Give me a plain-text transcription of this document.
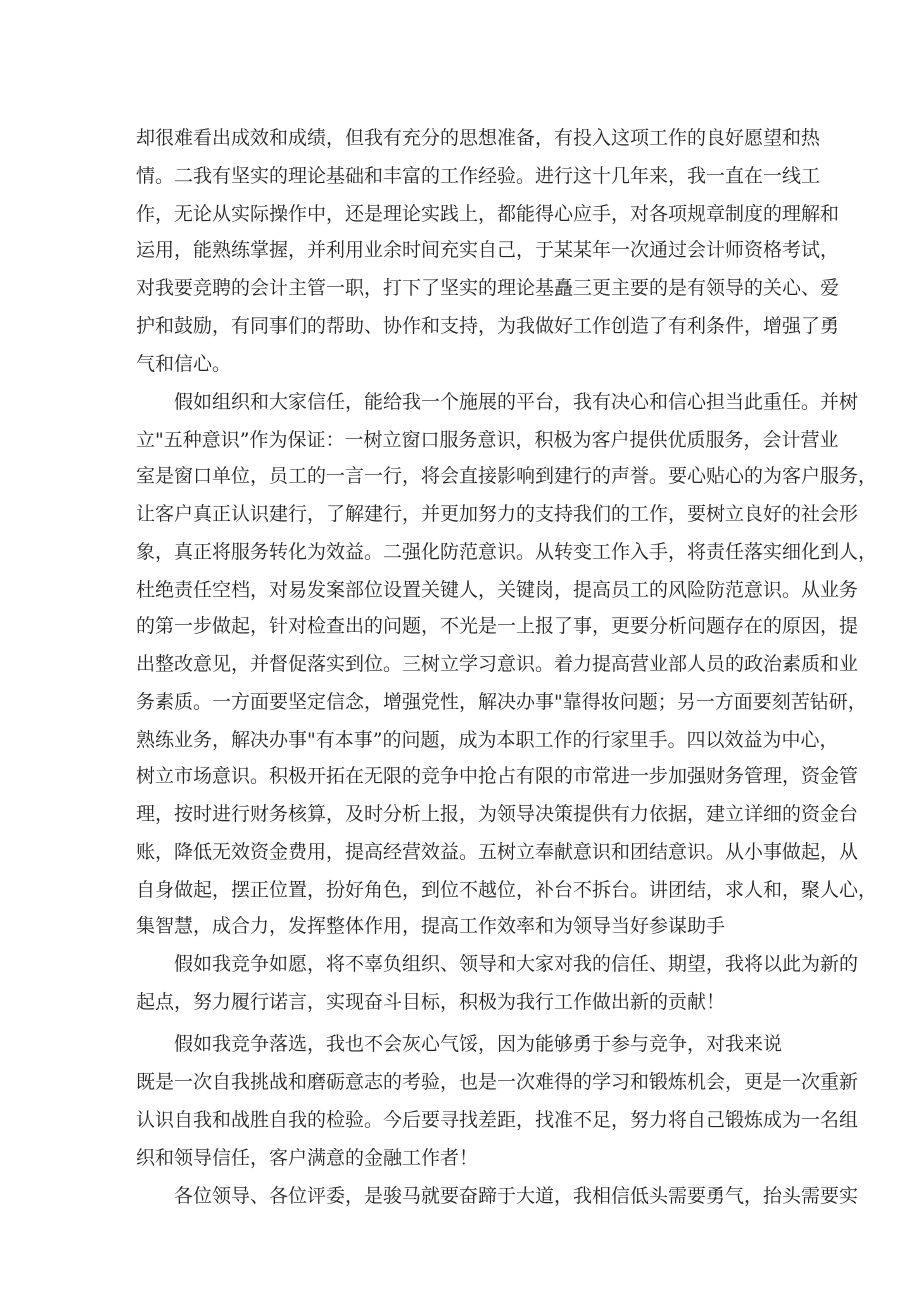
却很难看出成效和成绩，但我有充分的思想准备，有投入这项工作的良好愿望和热
情。二我有坚实的理论基础和丰富的工作经验。进行这十几年来，我一直在一线工
作，无论从实际操作中，还是理论实践上，都能得心应手，对各项规章制度的理解和
运用，能熟练掌握，并利用业余时间充实自己，于某某年一次通过会计师资格考试，
对我要竞聘的会计主管一职，打下了坚实的理论基矗三更主要的是有领导的关心、爱
护和鼓励，有同事们的帮助、协作和支持，为我做好工作创造了有利条件，增强了勇
气和信心。
假如组织和大家信任，能给我一个施展的平台，我有决心和信心担当此重任。并树
立"五种意识”作为保证：一树立窗口服务意识，积极为客户提供优质服务，会计营业
室是窗口单位，员工的一言一行，将会直接影响到建行的声誉。要心贴心的为客户服务，
让客户真正认识建行，了解建行，并更加努力的支持我们的工作，要树立良好的社会形
象，真正将服务转化为效益。二强化防范意识。从转变工作入手，将责任落实细化到人，
杜绝责任空档，对易发案部位设置关键人，关键岗，提高员工的风险防范意识。从业务
的第一步做起，针对检查出的问题，不光是一上报了事，更要分析问题存在的原因，提
出整改意见，并督促落实到位。三树立学习意识。着力提高营业部人员的政治素质和业
务素质。一方面要坚定信念，增强党性，解决办事"靠得妆问题；另一方面要刻苦钻研，
熟练业务，解决办事"有本事”的问题，成为本职工作的行家里手。四以效益为中心，
树立市场意识。积极开拓在无限的竞争中抢占有限的市常进一步加强财务管理，资金管
理，按时进行财务核算，及时分析上报，为领导决策提供有力依据，建立详细的资金台
账，降低无效资金费用，提高经营效益。五树立奉献意识和团结意识。从小事做起，从
自身做起，摆正位置，扮好角色，到位不越位，补台不拆台。讲团结，求人和，聚人心，
集智慧，成合力，发挥整体作用，提高工作效率和为领导当好参谋助手
假如我竞争如愿，将不辜负组织、领导和大家对我的信任、期望，我将以此为新的
起点，努力履行诺言，实现奋斗目标，积极为我行工作做出新的贡献！
假如我竞争落选，我也不会灰心气馁，因为能够勇于参与竞争，对我来说
既是一次自我挑战和磨砺意志的考验，也是一次难得的学习和锻炼机会，更是一次重新
认识自我和战胜自我的检验。今后要寻找差距，找准不足，努力将自己锻炼成为一名组
织和领导信任，客户满意的金融工作者！
各位领导、各位评委，是骏马就要奋蹄于大道，我相信低头需要勇气，抬头需要实
